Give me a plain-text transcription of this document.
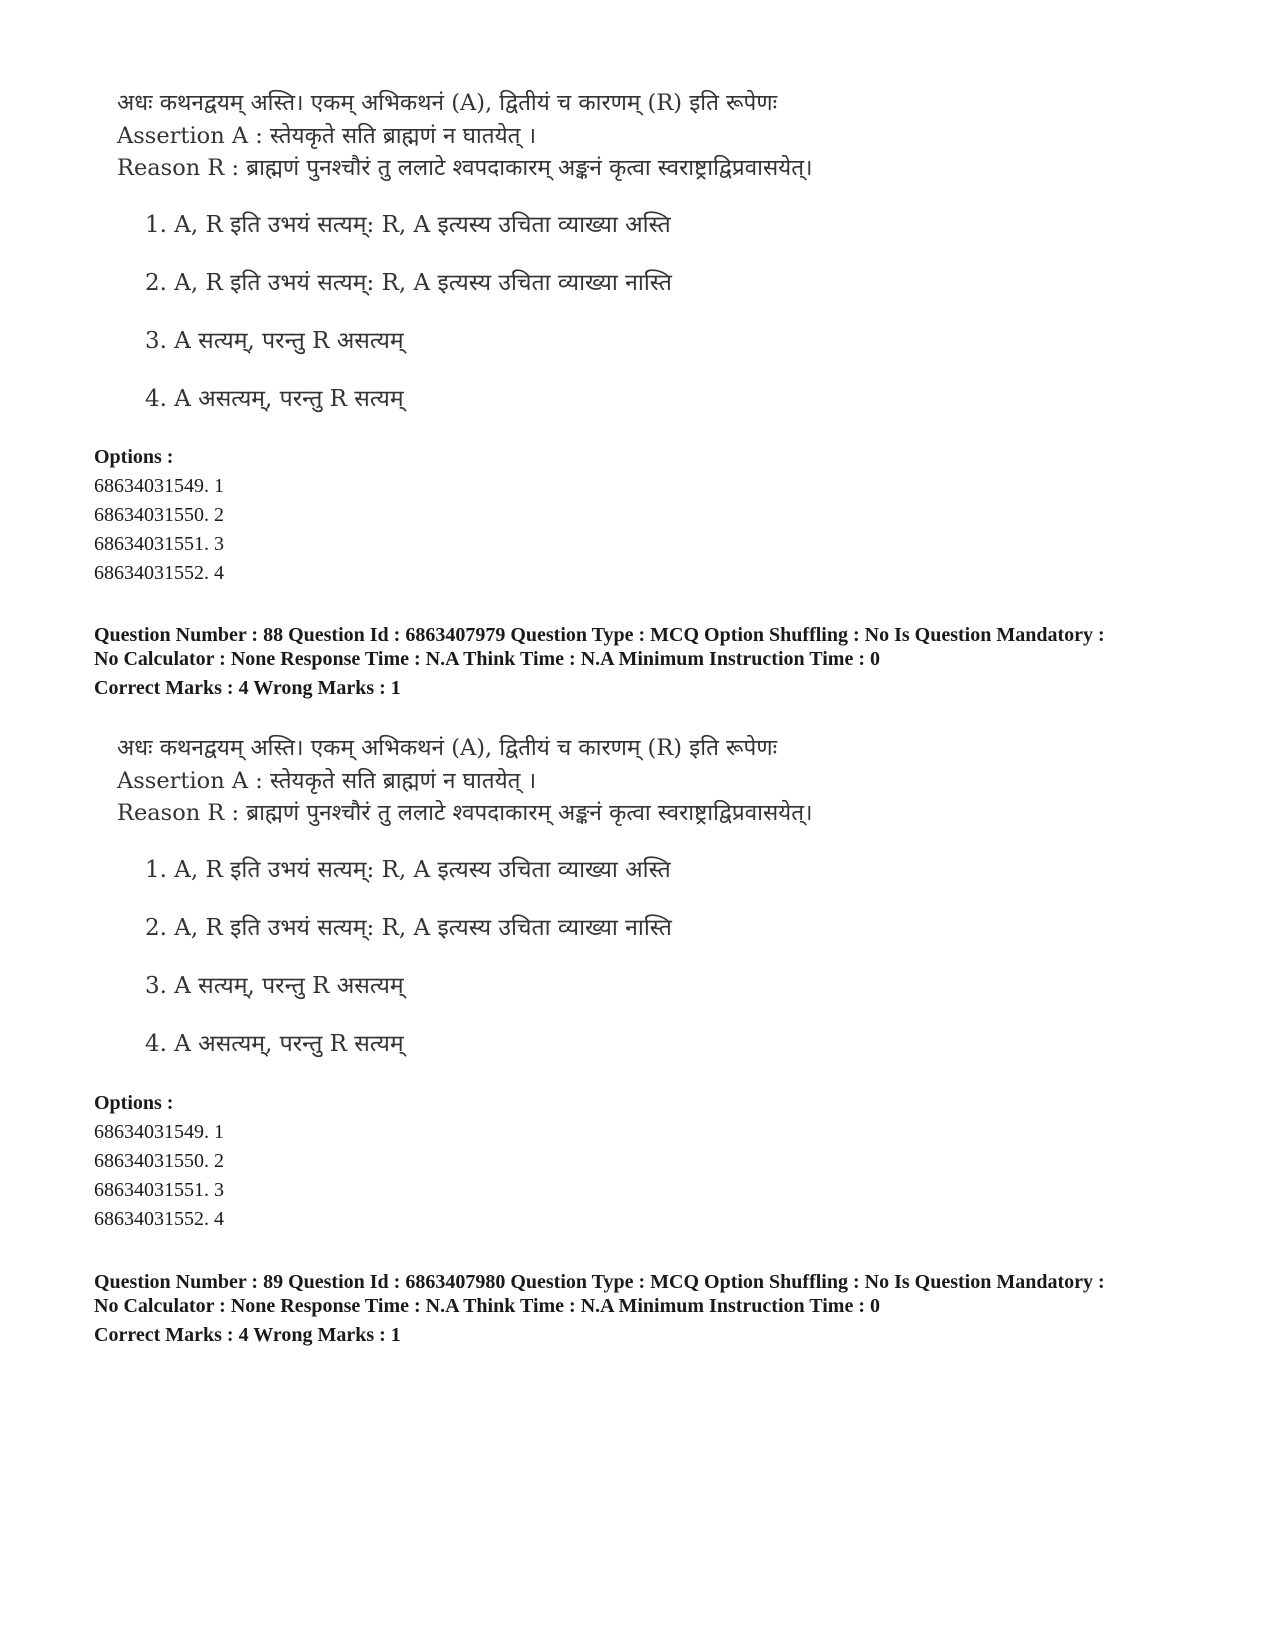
अधः कथनद्वयम् अस्ति। एकम् अभिकथनं (A), द्वितीयं च कारणम् (R) इति रूपेणः
Assertion A : स्तेयकृते सति ब्राह्मणं न घातयेत् ।
Reason R : ब्राह्मणं पुनश्चौरं तु ललाटे श्वपदाकारम् अङ्कनं कृत्वा स्वराष्ट्राद्विप्रवासयेत्।
1. A, R इति उभयं सत्यम्: R, A इत्यस्य उचिता व्याख्या अस्ति
2. A, R इति उभयं सत्यम्: R, A इत्यस्य उचिता व्याख्या नास्ति
3. A सत्यम्, परन्तु R असत्यम्
4. A असत्यम्, परन्तु R सत्यम्
Options :
68634031549. 1
68634031550. 2
68634031551. 3
68634031552. 4
Question Number : 88 Question Id : 6863407979 Question Type : MCQ Option Shuffling : No Is Question Mandatory :
No Calculator : None Response Time : N.A Think Time : N.A Minimum Instruction Time : 0
Correct Marks : 4 Wrong Marks : 1
अधः कथनद्वयम् अस्ति। एकम् अभिकथनं (A), द्वितीयं च कारणम् (R) इति रूपेणः
Assertion A : स्तेयकृते सति ब्राह्मणं न घातयेत् ।
Reason R : ब्राह्मणं पुनश्चौरं तु ललाटे श्वपदाकारम् अङ्कनं कृत्वा स्वराष्ट्राद्विप्रवासयेत्।
1. A, R इति उभयं सत्यम्: R, A इत्यस्य उचिता व्याख्या अस्ति
2. A, R इति उभयं सत्यम्: R, A इत्यस्य उचिता व्याख्या नास्ति
3. A सत्यम्, परन्तु R असत्यम्
4. A असत्यम्, परन्तु R सत्यम्
Options :
68634031549. 1
68634031550. 2
68634031551. 3
68634031552. 4
Question Number : 89 Question Id : 6863407980 Question Type : MCQ Option Shuffling : No Is Question Mandatory :
No Calculator : None Response Time : N.A Think Time : N.A Minimum Instruction Time : 0
Correct Marks : 4 Wrong Marks : 1
